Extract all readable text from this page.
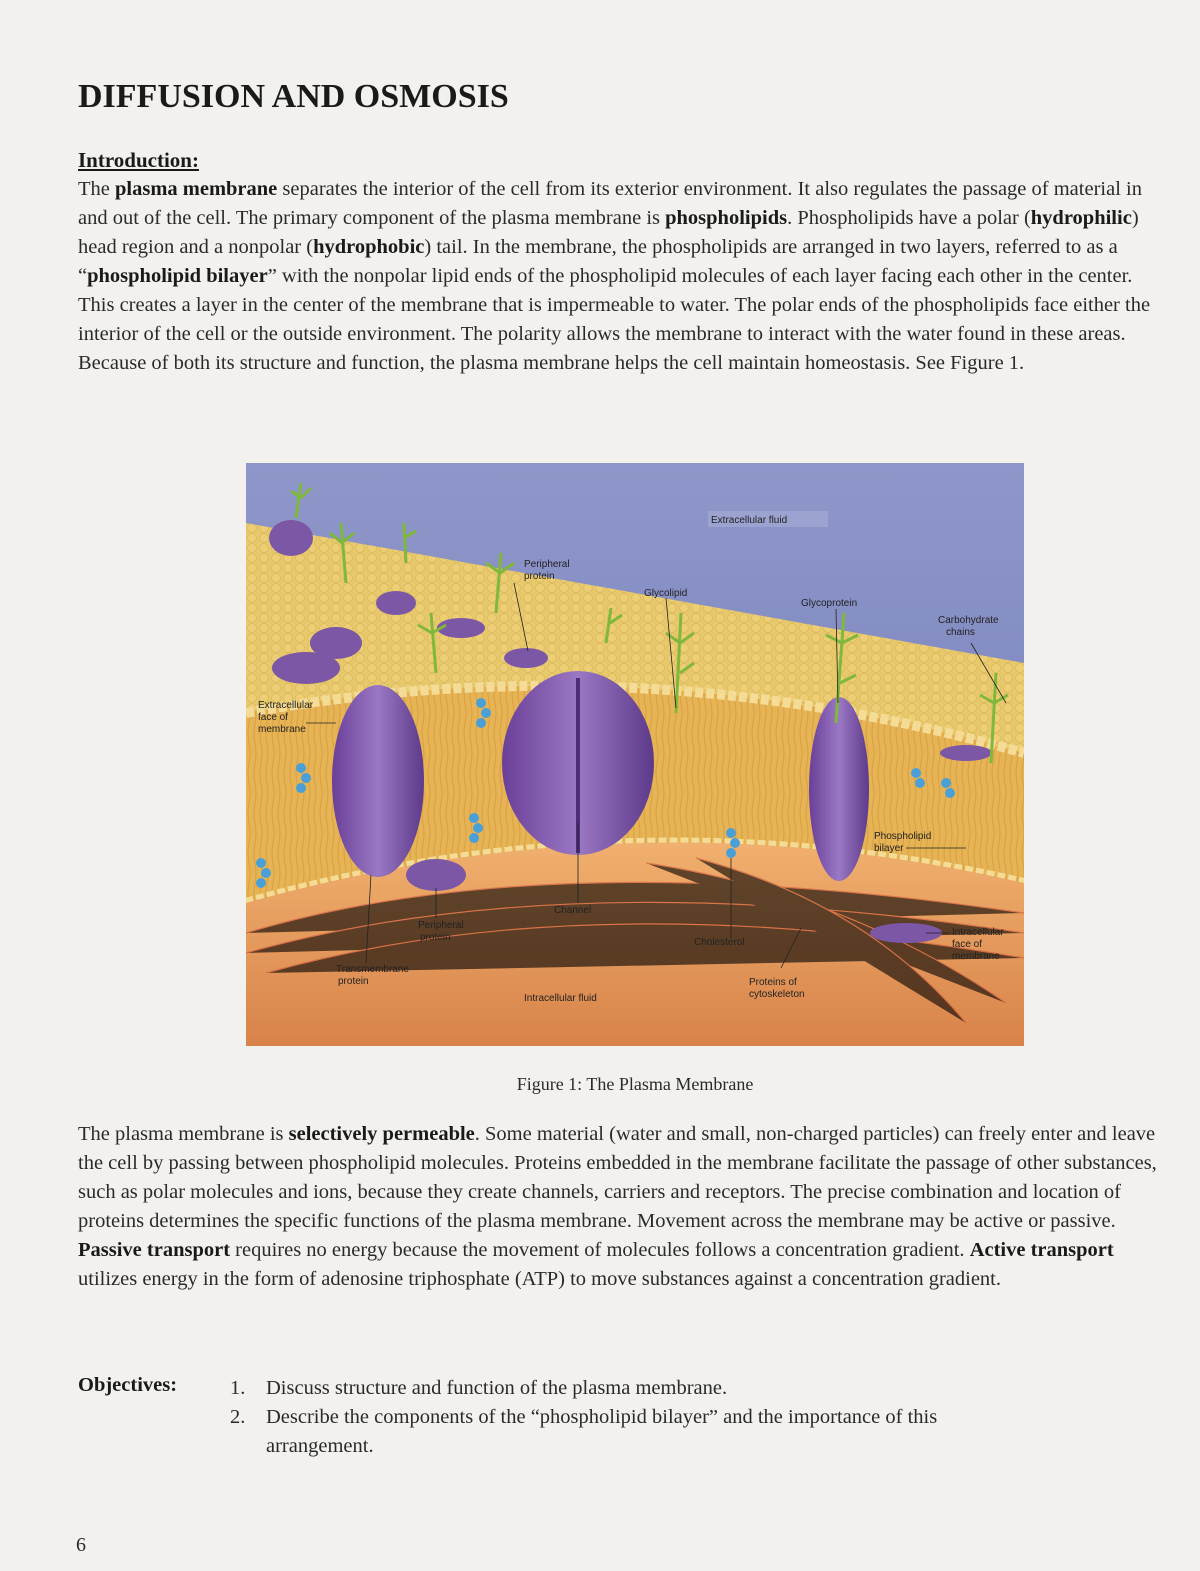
DIFFUSION AND OSMOSIS
Introduction:

The plasma membrane separates the interior of the cell from its exterior environment. It also regulates the passage of material in and out of the cell. The primary component of the plasma membrane is phospholipids. Phospholipids have a polar (hydrophilic) head region and a nonpolar (hydrophobic) tail. In the membrane, the phospholipids are arranged in two layers, referred to as a “phospholipid bilayer” with the nonpolar lipid ends of the phospholipid molecules of each layer facing each other in the center. This creates a layer in the center of the membrane that is impermeable to water. The polar ends of the phospholipids face either the interior of the cell or the outside environment. The polarity allows the membrane to interact with the water found in these areas. Because of both its structure and function, the plasma membrane helps the cell maintain homeostasis. See Figure 1.

Extracellular fluid
Peripheral
protein
Glycolipid
Glycoprotein
Carbohydrate
chains
Extracellular
face of
membrane
Phospholipid
bilayer
Channel
Peripheral
protein
Transmembrane
protein
Cholesterol
Intracellular
face of
membrane
Proteins of
cytoskeleton
Intracellular fluid
Figure 1: The Plasma Membrane

The plasma membrane is selectively permeable. Some material (water and small, non-charged particles) can freely enter and leave the cell by passing between phospholipid molecules. Proteins embedded in the membrane facilitate the passage of other substances, such as polar molecules and ions, because they create channels, carriers and receptors. The precise combination and location of proteins determines the specific functions of the plasma membrane. Movement across the membrane may be active or passive. Passive transport requires no energy because the movement of molecules follows a concentration gradient. Active transport utilizes energy in the form of adenosine triphosphate (ATP) to move substances against a concentration gradient.

Objectives:	1.	Discuss structure and function of the plasma membrane.
2.	Describe the components of the “phospholipid bilayer” and the importance of this arrangement.
6
